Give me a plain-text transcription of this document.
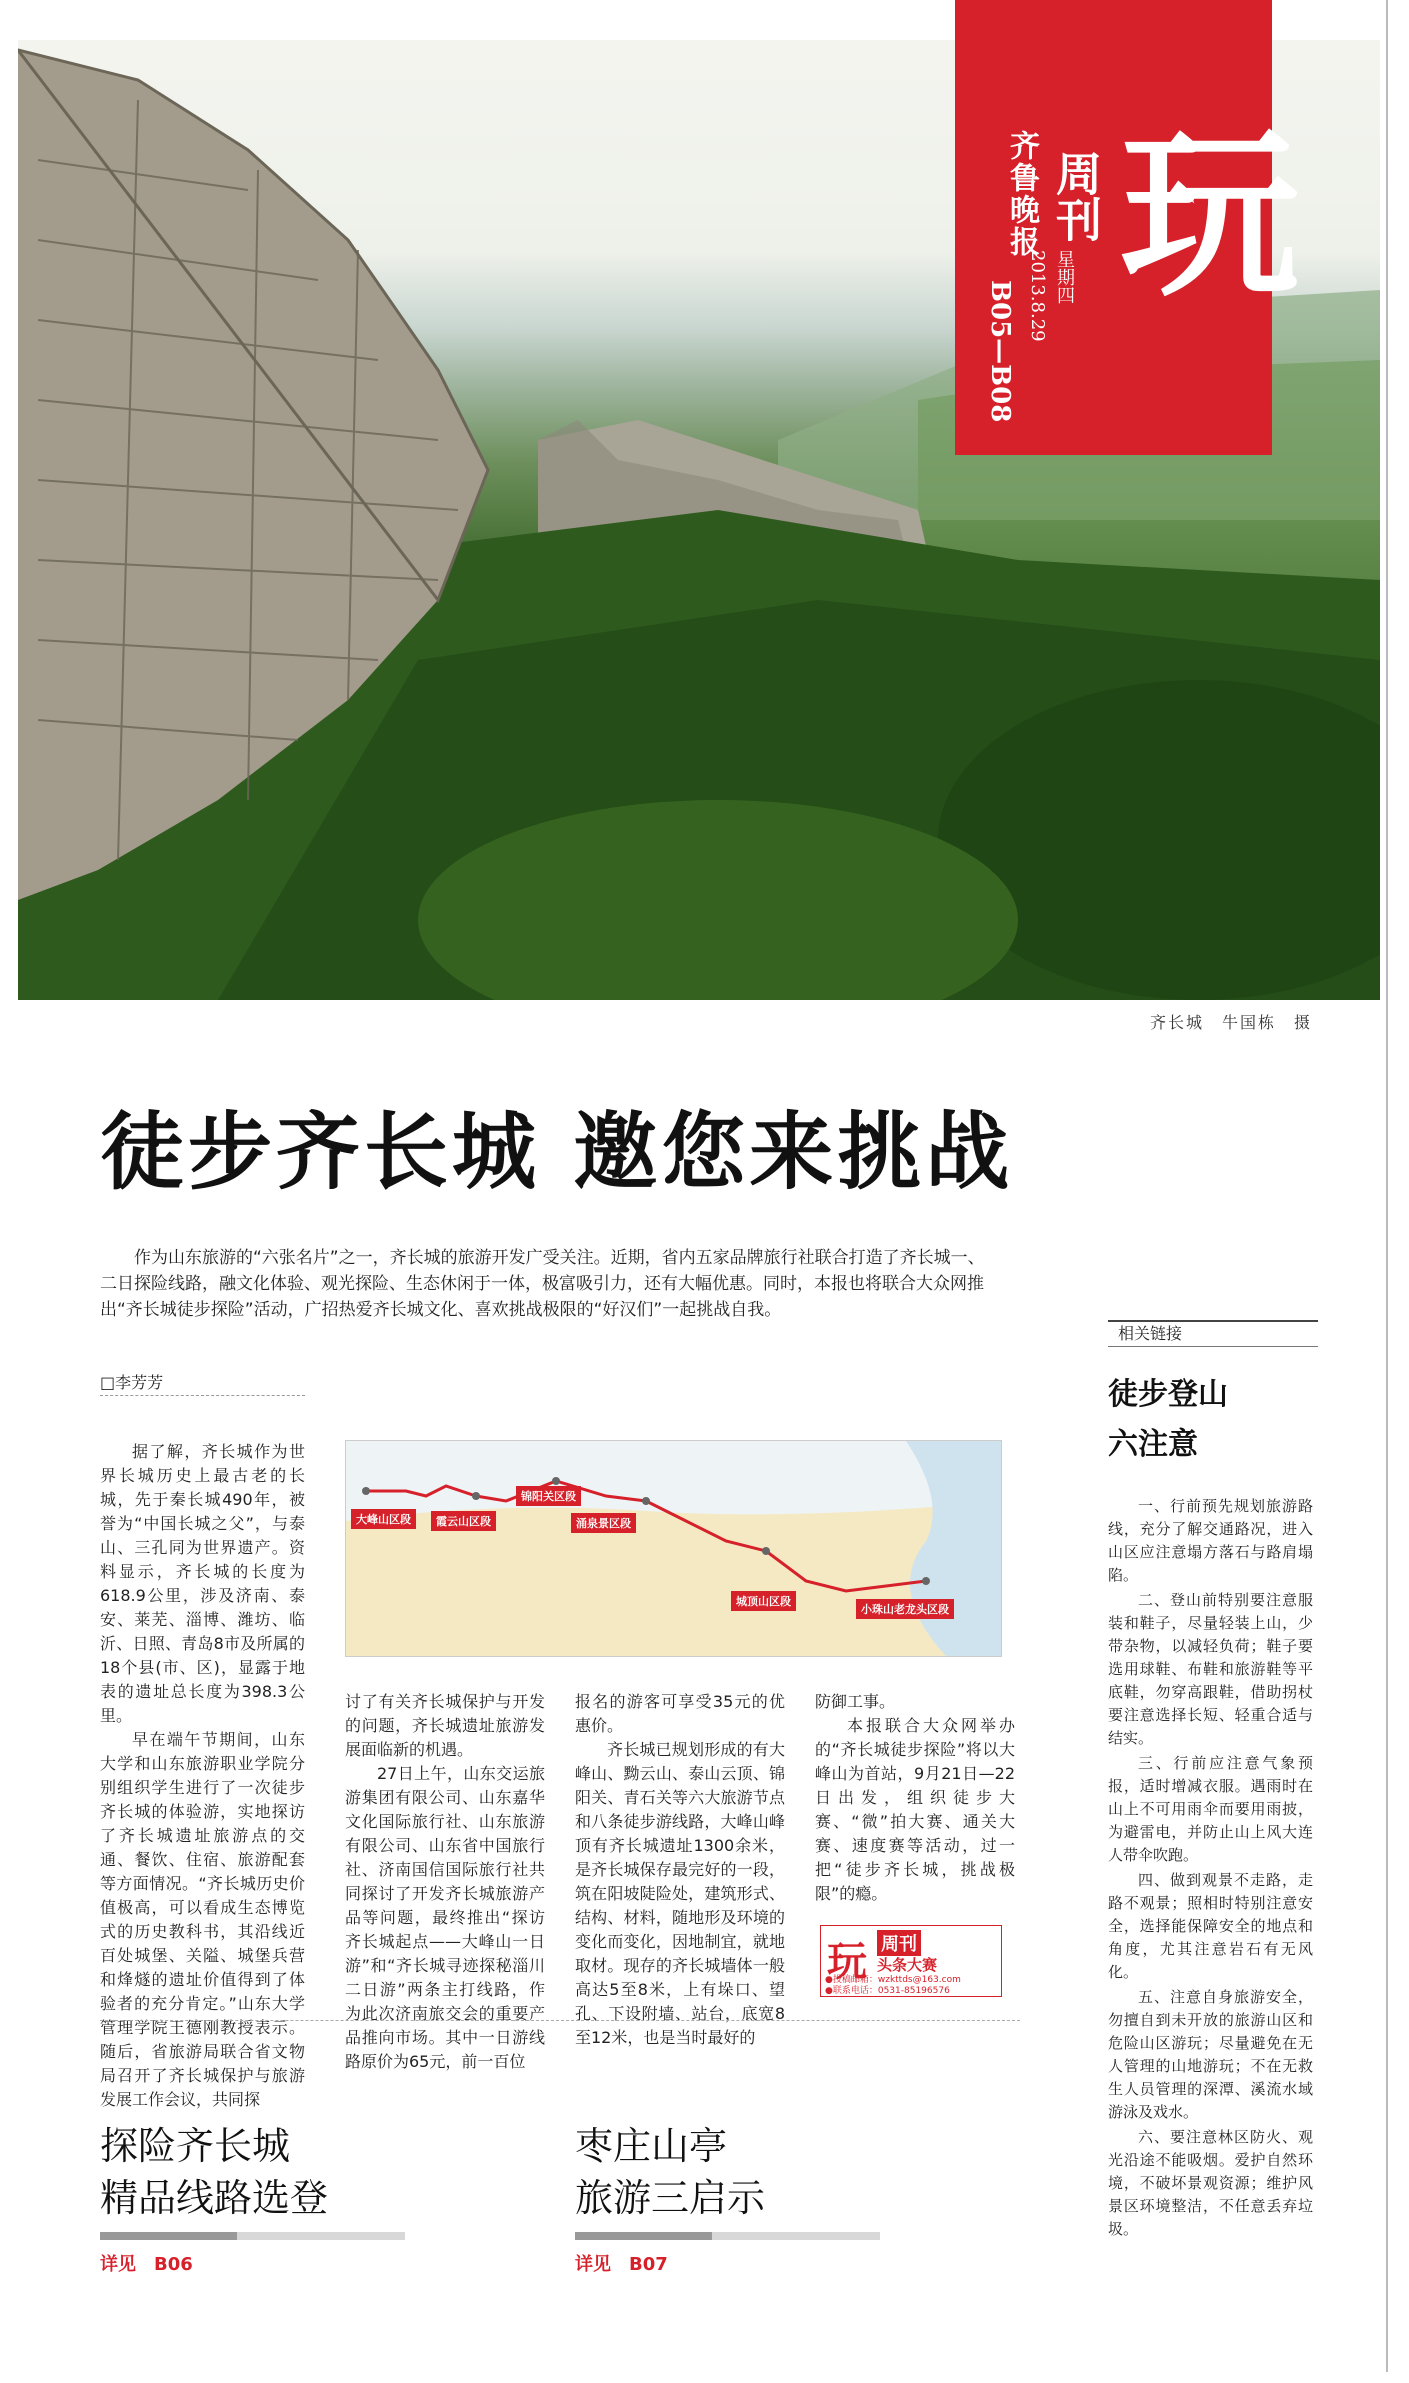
齐鲁晚报 周刊
B05—B08
星期四
2013.8.29 玩
齐长城　牛国栋　摄
徒步齐长城 邀您来挑战
作为山东旅游的“六张名片”之一，齐长城的旅游开发广受关注。近期，省内五家品牌旅行社联合打造了齐长城一、二日探险线路，融文化体验、观光探险、生态休闲于一体，极富吸引力，还有大幅优惠。同时，本报也将联合大众网推出“齐长城徒步探险”活动，广招热爱齐长城文化、喜欢挑战极限的“好汉们”一起挑战自我。
□李芳芳
大峰山区段
锦阳关区段
霞云山区段	涌泉景区段
城顶山区段
小珠山老龙头区段

据了解，齐长城作为世界长城历史上最古老的长城，先于秦长城490年，被誉为“中国长城之父”，与泰山、三孔同为世界遗产。资料显示，齐长城的长度为618.9公里，涉及济南、泰安、莱芜、淄博、潍坊、临沂、日照、青岛8市及所属的18个县(市、区)，显露于地表的遗址总长度为398.3公里。

早在端午节期间，山东大学和山东旅游职业学院分别组织学生进行了一次徒步齐长城的体验游，实地探访了齐长城遗址旅游点的交通、餐饮、住宿、旅游配套等方面情况。“齐长城历史价值极高，可以看成生态博览式的历史教科书，其沿线近百处城堡、关隘、城堡兵营和烽燧的遗址价值得到了体验者的充分肯定。”山东大学管理学院王德刚教授表示。随后，省旅游局联合省文物局召开了齐长城保护与旅游发展工作会议，共同探

讨了有关齐长城保护与开发的问题，齐长城遗址旅游发展面临新的机遇。

27日上午，山东交运旅游集团有限公司、山东嘉华文化国际旅行社、山东旅游有限公司、山东省中国旅行社、济南国信国际旅行社共同探讨了开发齐长城旅游产品等问题，最终推出“探访齐长城起点——大峰山一日游”和“齐长城寻迹探秘淄川二日游”两条主打线路，作为此次济南旅交会的重要产品推向市场。其中一日游线路原价为65元，前一百位

报名的游客可享受35元的优惠价。

齐长城已规划形成的有大峰山、黝云山、泰山云顶、锦阳关、青石关等六大旅游节点和八条徒步游线路，大峰山峰顶有齐长城遗址1300余米，是齐长城保存最完好的一段，筑在阳坡陡险处，建筑形式、结构、材料，随地形及环境的变化而变化，因地制宜，就地取材。现存的齐长城墙体一般高达5至8米，上有垛口、望孔、下设附墙、站台，底宽8至12米，也是当时最好的

防御工事。

本报联合大众网举办的“齐长城徒步探险”将以大峰山为首站，9月21日—22日出发，组织徒步大赛、“微”拍大赛、通关大赛、速度赛等活动，过一把“徒步齐长城，挑战极限”的瘾。

玩 周刊
头条大赛
●投稿邮箱：wzkttds@163.com
●联系电话：0531-85196576
相关链接
徒步登山
六注意

一、行前预先规划旅游路线，充分了解交通路况，进入山区应注意塌方落石与路肩塌陷。

二、登山前特别要注意服装和鞋子，尽量轻装上山，少带杂物，以减轻负荷；鞋子要选用球鞋、布鞋和旅游鞋等平底鞋，勿穿高跟鞋，借助拐杖要注意选择长短、轻重合适与结实。

三、行前应注意气象预报，适时增减衣服。遇雨时在山上不可用雨伞而要用雨披，为避雷电，并防止山上风大连人带伞吹跑。

四、做到观景不走路，走路不观景；照相时特别注意安全，选择能保障安全的地点和角度，尤其注意岩石有无风化。

五、注意自身旅游安全，勿擅自到未开放的旅游山区和危险山区游玩；尽量避免在无人管理的山地游玩；不在无救生人员管理的深潭、溪流水域游泳及戏水。

六、要注意林区防火、观光沿途不能吸烟。爱护自然环境，不破坏景观资源；维护风景区环境整洁，不任意丢弃垃圾。

探险齐长城
精品线路选登
详见　B06
枣庄山亭
旅游三启示
详见　B07
